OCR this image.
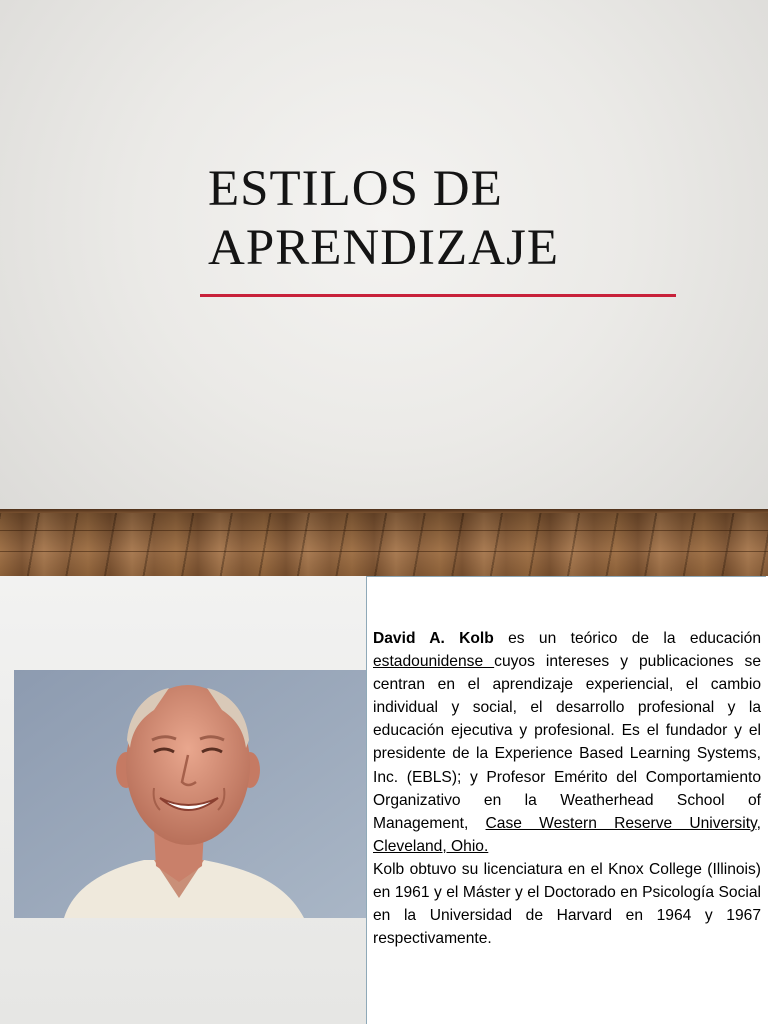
ESTILOS DE
APRENDIZAJE

David A. Kolb es un teórico de la educación estadounidense cuyos intereses y publicaciones se centran en el aprendizaje experiencial, el cambio individual y social, el desarrollo profesional y la educación ejecutiva y profesional. Es el fundador y el presidente de la Experience Based Learning Systems, Inc. (EBLS); y Profesor Emérito del Comportamiento Organizativo en la Weatherhead School of Management, Case Western Reserve University, Cleveland, Ohio.

Kolb obtuvo su licenciatura en el Knox College (Illinois) en 1961 y el Máster y el Doctorado en Psicología Social en la Universidad de Harvard en 1964 y 1967 respectivamente.
